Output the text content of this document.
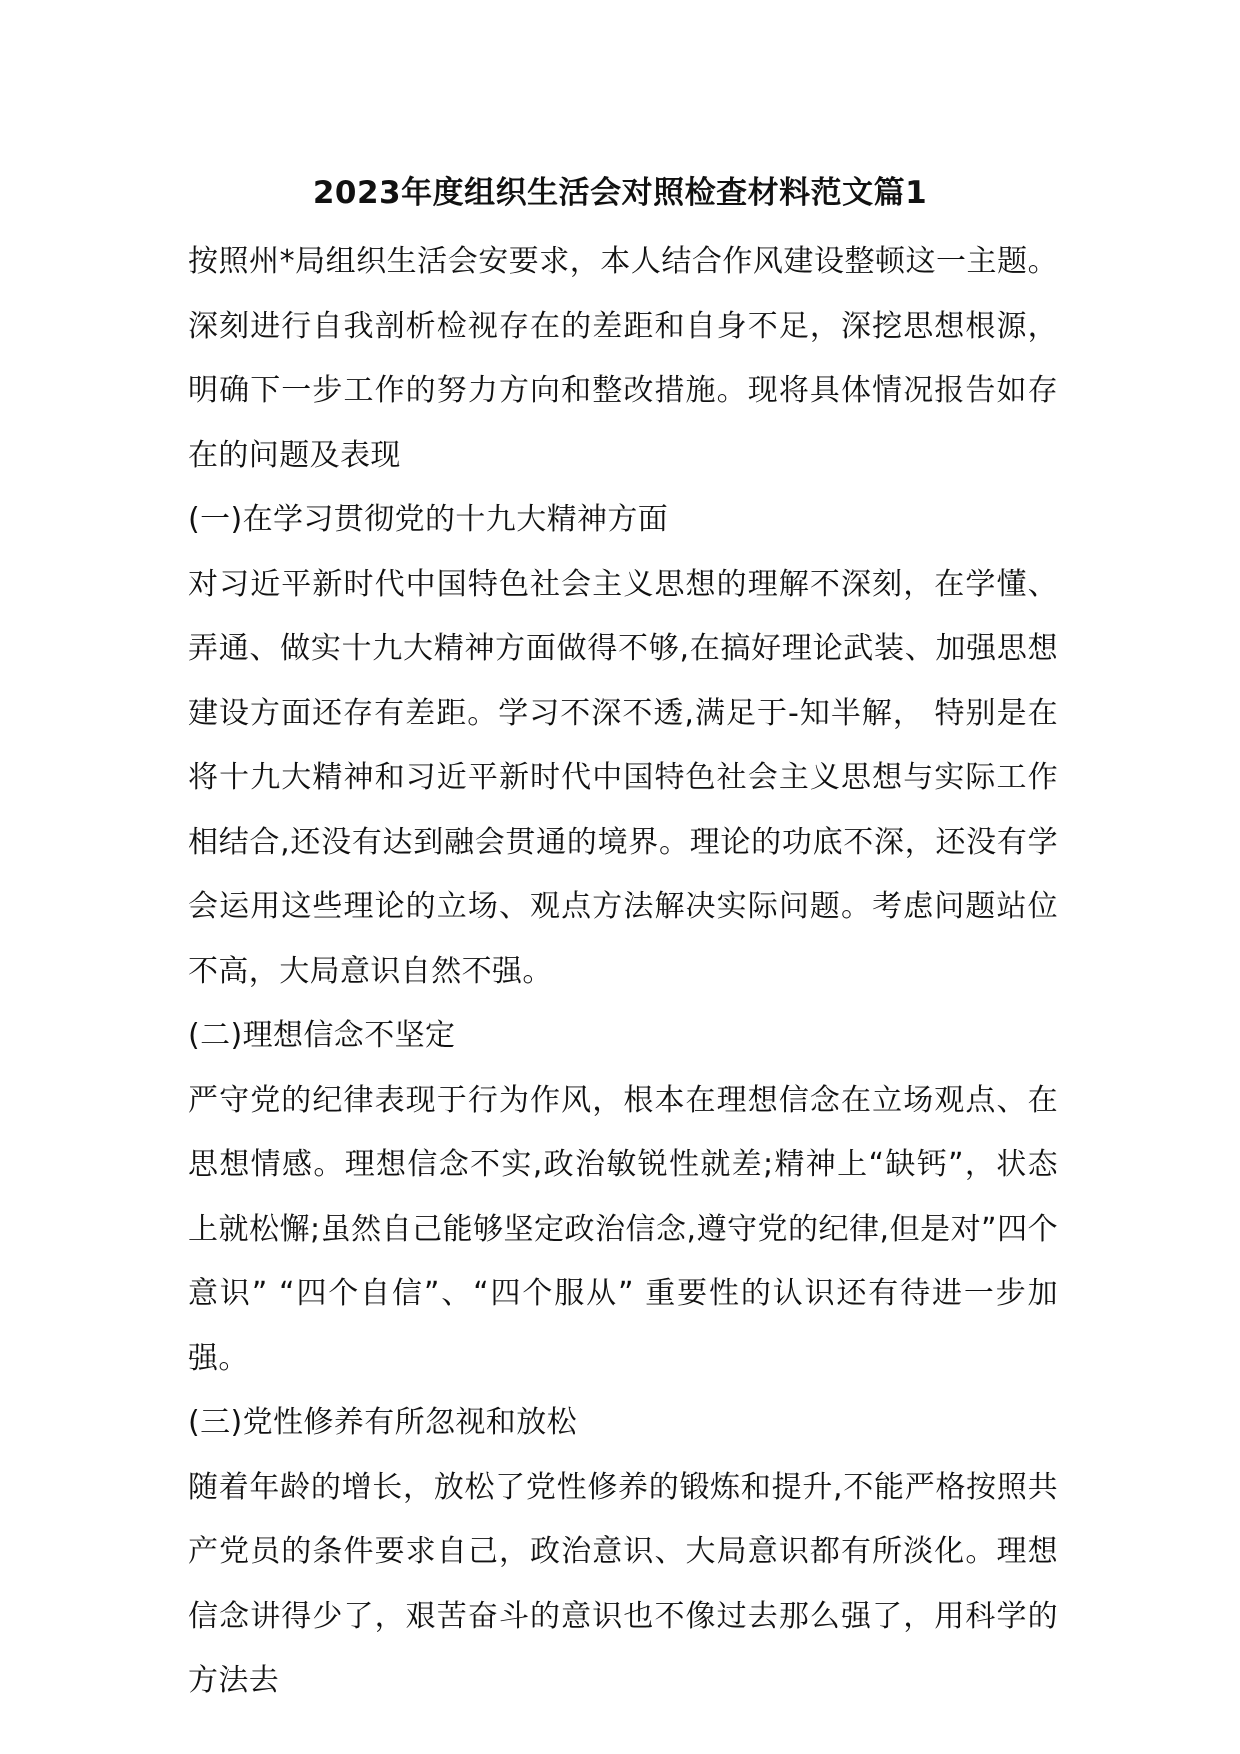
2023年度组织生活会对照检查材料范文篇1

按照州*局组织生活会安要求，本人结合作风建设整顿这一主题。深刻进行自我剖析检视存在的差距和自身不足，深挖思想根源，明确下一步工作的努力方向和整改措施。现将具体情况报告如存在的问题及表现

(一)在学习贯彻党的十九大精神方面

对习近平新时代中国特色社会主义思想的理解不深刻，在学懂、弄通、做实十九大精神方面做得不够,在搞好理论武装、加强思想建设方面还存有差距。学习不深不透,满足于-知半解， 特别是在将十九大精神和习近平新时代中国特色社会主义思想与实际工作相结合,还没有达到融会贯通的境界。理论的功底不深，还没有学会运用这些理论的立场、观点方法解决实际问题。考虑问题站位不高，大局意识自然不强。

(二)理想信念不坚定

严守党的纪律表现于行为作风，根本在理想信念在立场观点、在思想情感。理想信念不实,政治敏锐性就差;精神上“缺钙”，状态上就松懈;虽然自己能够坚定政治信念,遵守党的纪律,但是对”四个意识” “四个自信”、“四个服从” 重要性的认识还有待进一步加强。

(三)党性修养有所忽视和放松

随着年龄的增长，放松了党性修养的锻炼和提升,不能严格按照共产党员的条件要求自己，政治意识、大局意识都有所淡化。理想信念讲得少了，艰苦奋斗的意识也不像过去那么强了，用科学的方法去
